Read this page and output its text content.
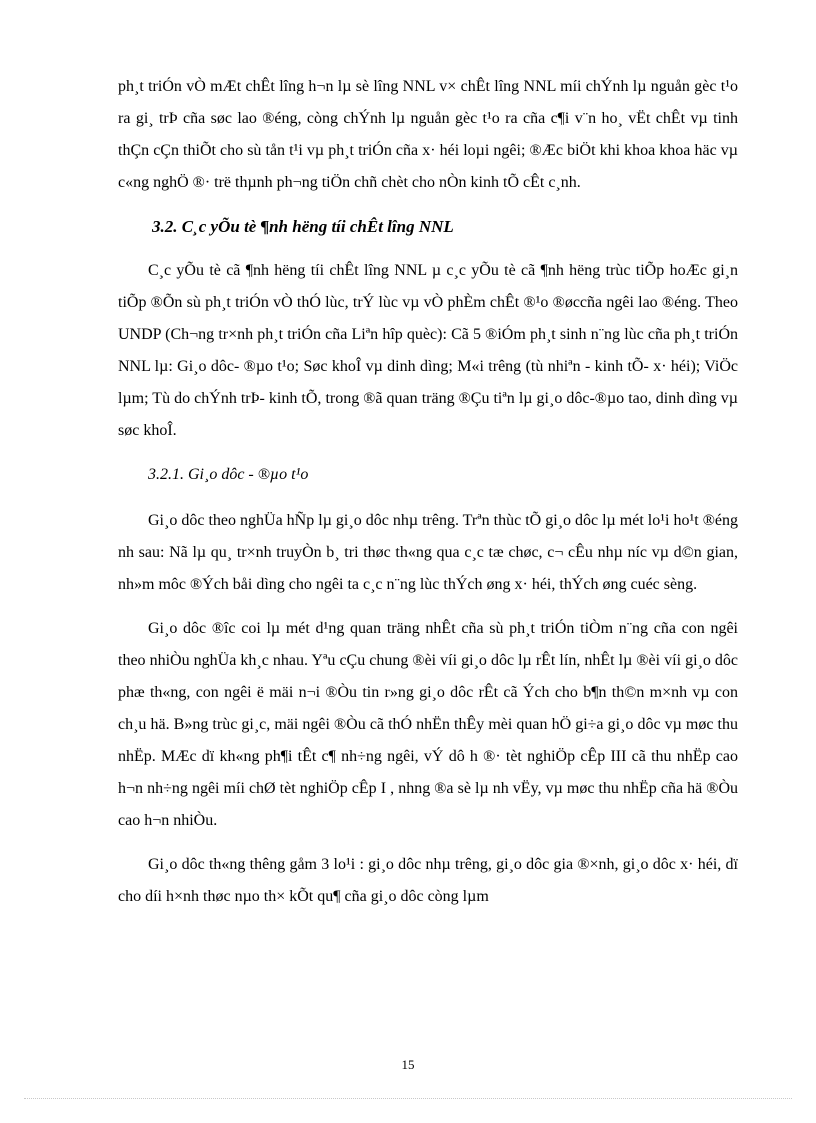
ph¸t triÓn vÒ mÆt chÊt lîng h¬n lµ sè lîng NNL v× chÊt lîng NNL míi chÝnh lµ nguån gèc t¹o ra gi¸ trÞ cña søc lao ®éng, còng chÝnh lµ nguån gèc t¹o ra cña c¶i v¨n ho¸ vËt chÊt vµ tinh thÇn cÇn thiÕt cho sù tån t¹i vµ ph¸t triÓn cña x· héi loµi ngêi; ®Æc biÖt khi khoa khoa häc vµ c«ng nghÖ ®· trë thµnh ph¬ng tiÖn chñ chèt cho nÒn kinh tÕ cÊt c¸nh.

3.2. C¸c yÕu tè ¶nh hëng tíi chÊt lîng NNL

C¸c yÕu tè cã ¶nh hëng tíi chÊt lîng NNL µ c¸c yÕu tè cã ¶nh hëng trùc tiÕp hoÆc gi¸n tiÕp ®Õn sù ph¸t triÓn vÒ thÓ lùc, trÝ lùc vµ vÒ phÈm chÊt ®¹o ®øccña ngêi lao ®éng. Theo UNDP (Ch¬ng tr×nh ph¸t triÓn cña Liªn hîp quèc): Cã 5 ®iÓm ph¸t sinh n¨ng lùc cña ph¸t triÓn NNL lµ: Gi¸o dôc- ®µo t¹o; Søc khoÎ vµ dinh dìng; M«i trêng (tù nhiªn - kinh tÕ- x· héi); ViÖc lµm; Tù do chÝnh trÞ- kinh tÕ, trong ®ã quan träng ®Çu tiªn lµ gi¸o dôc-®µo tao, dinh dìng vµ søc khoÎ.

3.2.1. Gi¸o dôc - ®µo t¹o

Gi¸o dôc theo nghÜa hÑp lµ gi¸o dôc nhµ trêng. Trªn thùc tÕ gi¸o dôc lµ mét lo¹i ho¹t ®éng nh sau: Nã lµ qu¸ tr×nh truyÒn b¸ tri thøc th«ng qua c¸c tæ chøc, c¬ cÊu nhµ níc vµ d©n gian, nh»m môc ®Ých båi dìng cho ngêi ta c¸c n¨ng lùc thÝch øng x· héi, thÝch øng cuéc sèng.

Gi¸o dôc ®îc coi lµ mét d¹ng quan träng nhÊt cña sù ph¸t triÓn tiÒm n¨ng cña con ngêi theo nhiÒu nghÜa kh¸c nhau. Yªu cÇu chung ®èi víi gi¸o dôc lµ rÊt lín, nhÊt lµ ®èi víi gi¸o dôc phæ th«ng, con ngêi ë mäi n¬i ®Òu tin r»ng gi¸o dôc rÊt cã Ých cho b¶n th©n m×nh vµ con ch¸u hä. B»ng trùc gi¸c, mäi ngêi ®Òu cã thÓ nhËn thÊy mèi quan hÖ gi÷a gi¸o dôc vµ møc thu nhËp. MÆc dï kh«ng ph¶i tÊt c¶ nh÷ng ngêi, vÝ dô h ®· tèt nghiÖp cÊp III cã thu nhËp cao h¬n nh÷ng ngêi míi chØ tèt nghiÖp cÊp I , nhng ®a sè lµ nh vËy, vµ møc thu nhËp cña hä ®Òu cao h¬n nhiÒu.

Gi¸o dôc th«ng thêng gåm 3 lo¹i : gi¸o dôc nhµ trêng, gi¸o dôc gia ®×nh, gi¸o dôc x· héi, dï cho díi h×nh thøc nµo th× kÕt qu¶ cña gi¸o dôc còng lµm

15
